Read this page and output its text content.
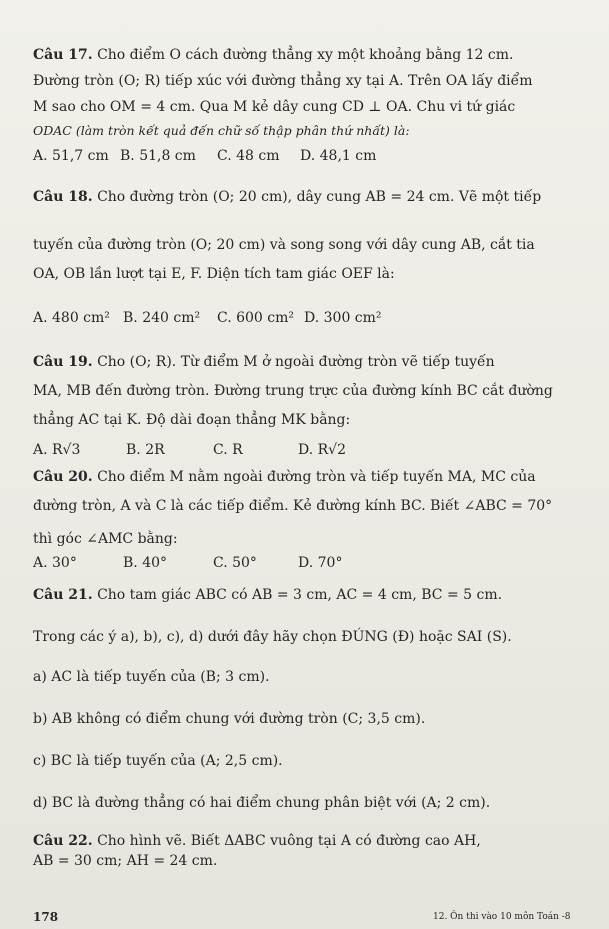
Câu 17. Cho điểm O cách đường thẳng xy một khoảng bằng 12 cm.
Đường tròn (O; R) tiếp xúc với đường thẳng xy tại A. Trên OA lấy điểm
M sao cho OM = 4 cm. Qua M kẻ dây cung CD ⊥ OA. Chu vi tứ giác
ODAC (làm tròn kết quả đến chữ số thập phân thứ nhất) là:
A. 51,7 cm B. 51,8 cm C. 48 cm D. 48,1 cm
Câu 18. Cho đường tròn (O; 20 cm), dây cung AB = 24 cm. Vẽ một tiếp
tuyến của đường tròn (O; 20 cm) và song song với dây cung AB, cắt tia
OA, OB lần lượt tại E, F. Diện tích tam giác OEF là:
A. 480 cm² B. 240 cm² C. 600 cm² D. 300 cm²
Câu 19. Cho (O; R). Từ điểm M ở ngoài đường tròn vẽ tiếp tuyến
MA, MB đến đường tròn. Đường trung trực của đường kính BC cắt đường
thẳng AC tại K. Độ dài đoạn thẳng MK bằng:
A. R√3	B. 2R	C. R	D. R√2
Câu 20. Cho điểm M nằm ngoài đường tròn và tiếp tuyến MA, MC của
đường tròn, A và C là các tiếp điểm. Kẻ đường kính BC. Biết ∠ABC = 70°
thì góc ∠AMC bằng:
A. 30°	B. 40°	C. 50°	D. 70°
Câu 21. Cho tam giác ABC có AB = 3 cm, AC = 4 cm, BC = 5 cm.
Trong các ý a), b), c), d) dưới đây hãy chọn ĐÚNG (Đ) hoặc SAI (S).
a) AC là tiếp tuyến của (B; 3 cm).
b) AB không có điểm chung với đường tròn (C; 3,5 cm).
c) BC là tiếp tuyến của (A; 2,5 cm).
d) BC là đường thẳng có hai điểm chung phân biệt với (A; 2 cm).
Câu 22. Cho hình vẽ. Biết ΔABC vuông tại A có đường cao AH,
AB = 30 cm; AH = 24 cm.
178	12. Ôn thi vào 10 môn Toán -8
